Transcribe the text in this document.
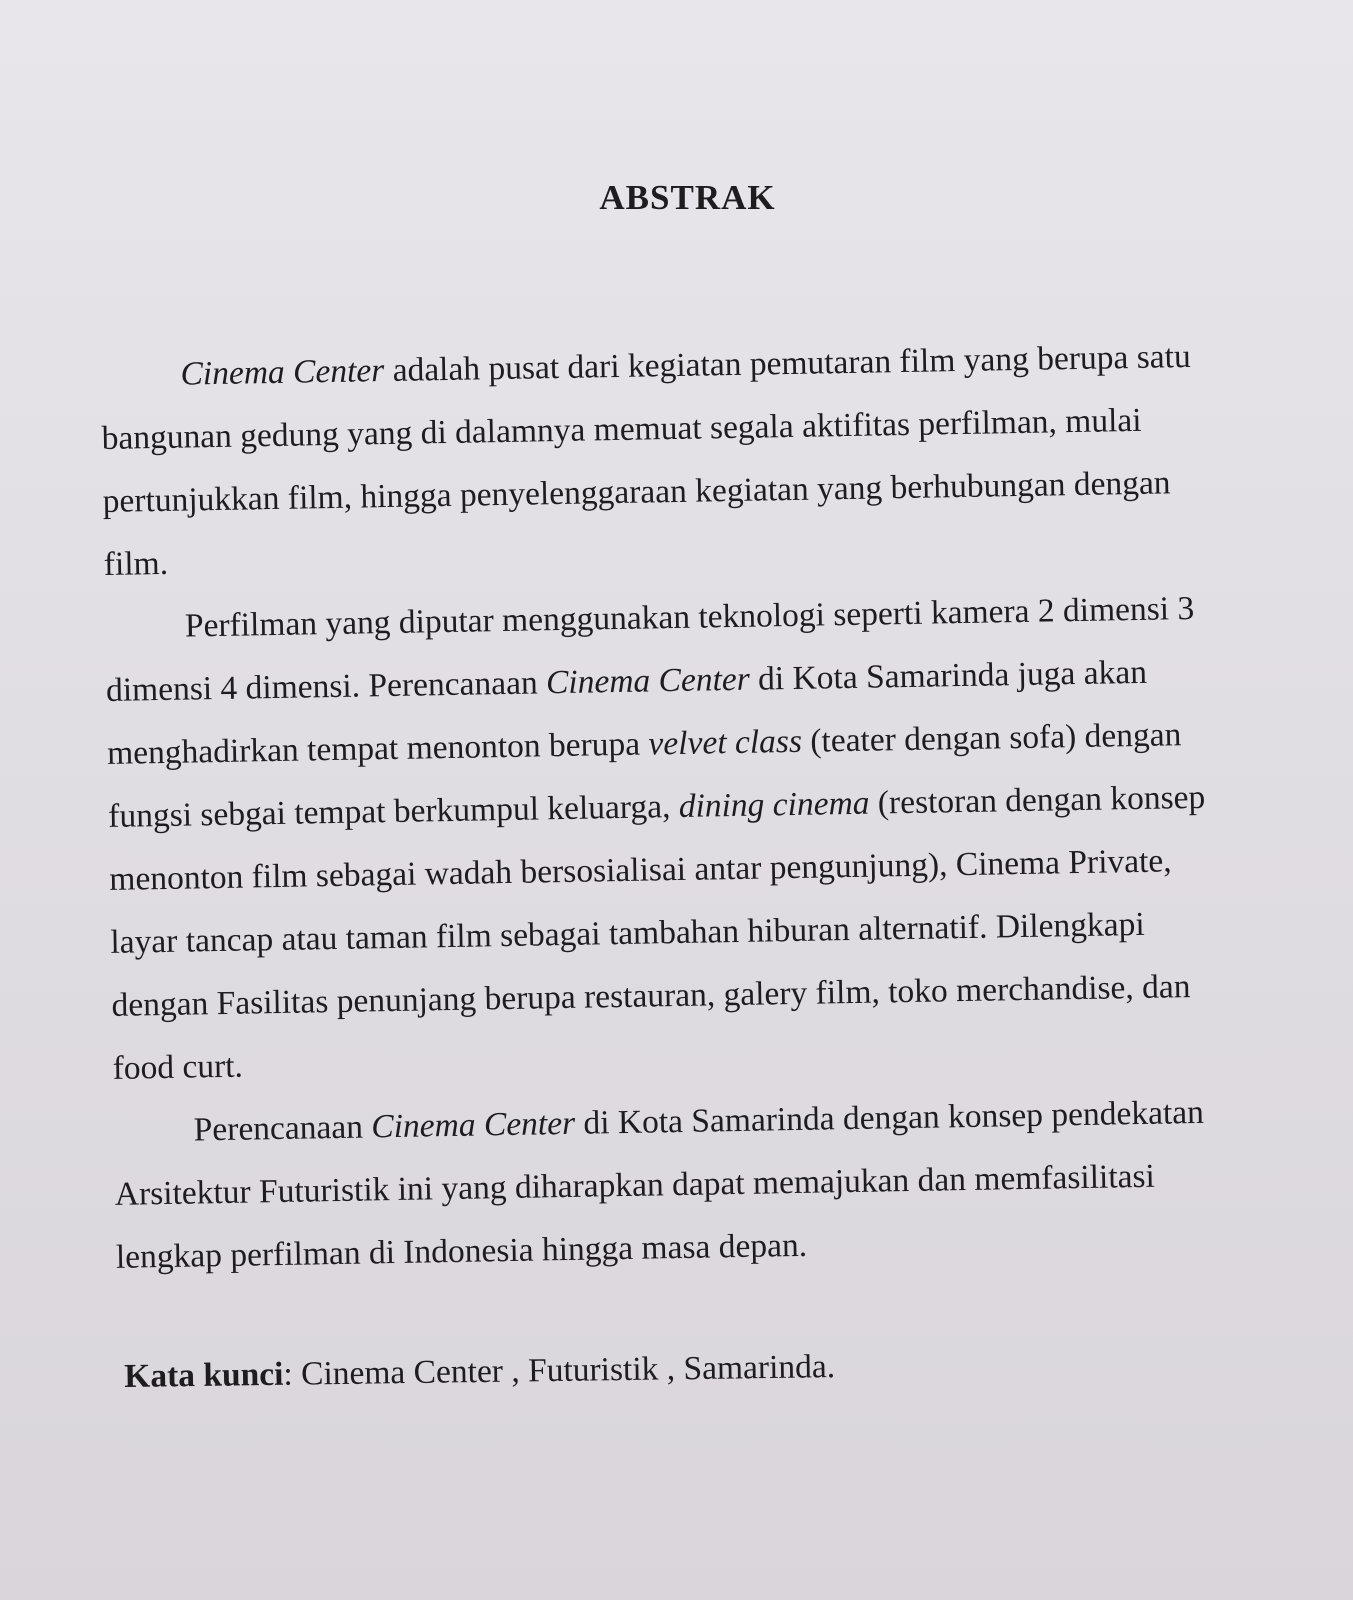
ABSTRAK

Cinema Center adalah pusat dari kegiatan pemutaran film yang berupa satu
bangunan gedung yang di dalamnya memuat segala aktifitas perfilman, mulai
pertunjukkan film, hingga penyelenggaraan kegiatan yang berhubungan dengan
film.

Perfilman yang diputar menggunakan teknologi seperti kamera 2 dimensi 3
dimensi 4 dimensi. Perencanaan Cinema Center di Kota Samarinda juga akan
menghadirkan tempat menonton berupa velvet class (teater dengan sofa) dengan
fungsi sebgai tempat berkumpul keluarga, dining cinema (restoran dengan konsep
menonton film sebagai wadah bersosialisai antar pengunjung), Cinema Private,
layar tancap atau taman film sebagai tambahan hiburan alternatif. Dilengkapi
dengan Fasilitas penunjang berupa restauran, galery film, toko merchandise, dan
food curt.

Perencanaan Cinema Center di Kota Samarinda dengan konsep pendekatan
Arsitektur Futuristik ini yang diharapkan dapat memajukan dan memfasilitasi
lengkap perfilman di Indonesia hingga masa depan.

Kata kunci: Cinema Center , Futuristik , Samarinda.
